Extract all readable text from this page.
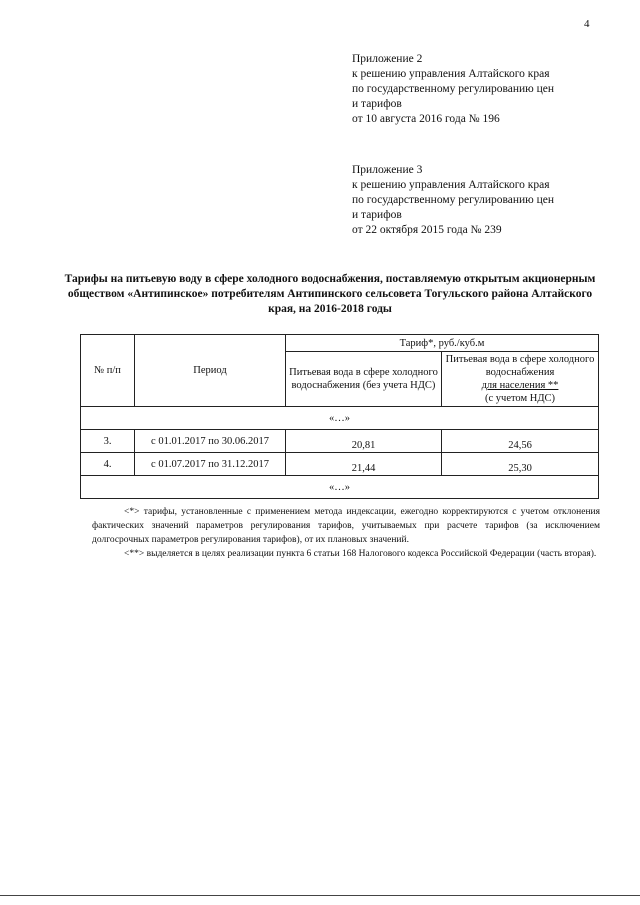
4
Приложение 2
к решению управления Алтайского края
по государственному регулированию цен
и тарифов
от 10 августа 2016 года № 196
Приложение 3
к решению управления Алтайского края
по государственному регулированию цен
и тарифов
от 22 октября 2015 года № 239
Тарифы на питьевую воду в сфере холодного водоснабжения, поставляемую открытым акционерным обществом «Антипинское» потребителям Антипинского сельсовета Тогульского района Алтайского края, на 2016-2018 годы
№ п/п	Период	Тариф*, руб./куб.м	
		Питьевая вода в сфере холодного водоснабжения (без учета НДС)	Питьевая вода в сфере холодного водоснабжения
для населения **
(с учетом НДС)
«…»			
3.	с 01.01.2017 по 30.06.2017	20,81	24,56
4.	с 01.07.2017 по 31.12.2017	21,44	25,30
«…»			

<*> тарифы, установленные с применением метода индексации, ежегодно корректируются с учетом отклонения фактических значений параметров регулирования тарифов, учитываемых при расчете тарифов (за исключением долгосрочных параметров регулирования тарифов), от их плановых значений.

<**> выделяется в целях реализации пункта 6 статьи 168 Налогового кодекса Российской Федерации (часть вторая).
